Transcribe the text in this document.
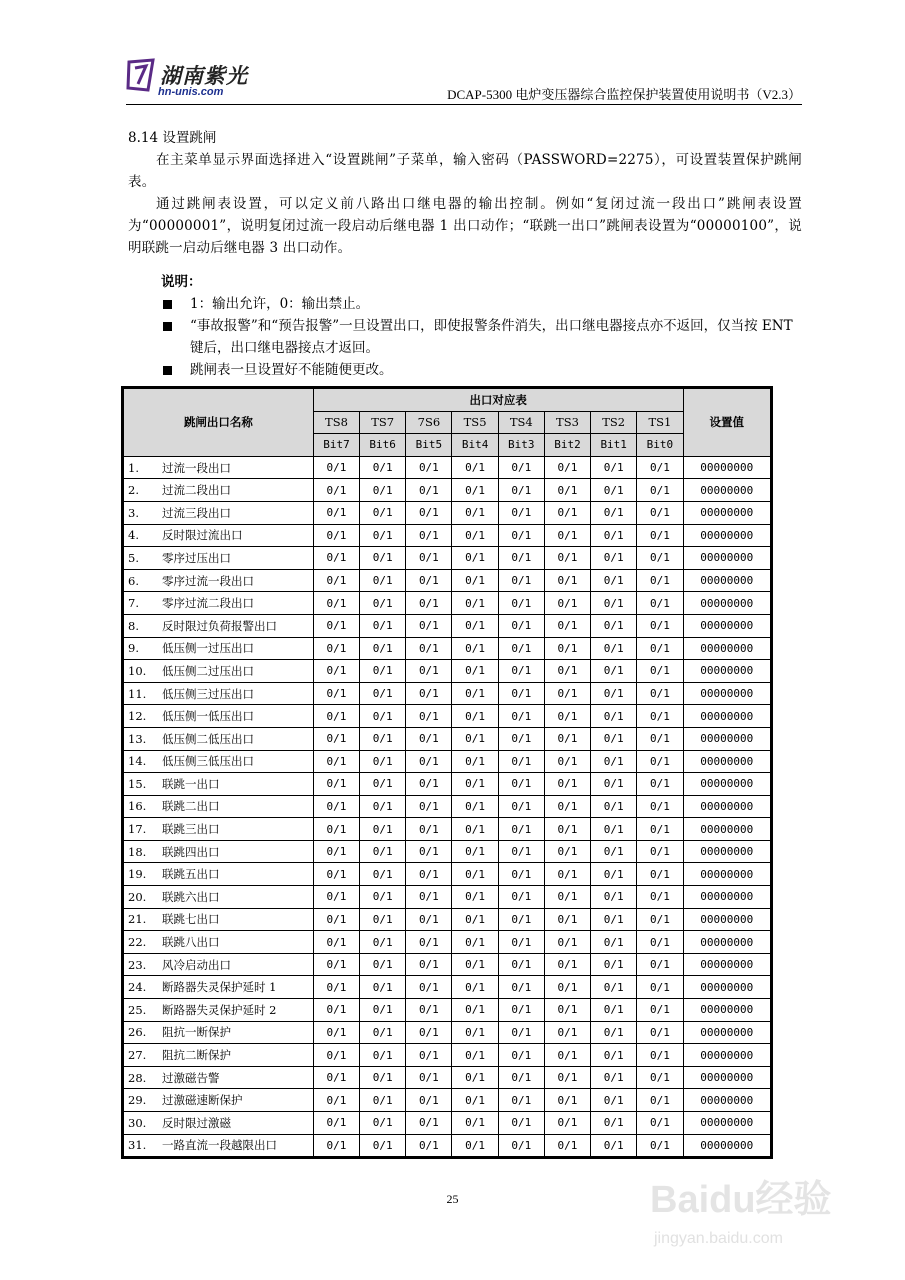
湖南紫光
hn-unis.com	DCAP-5300 电炉变压器综合监控保护装置使用说明书（V2.3）

8.14 设置跳闸

在主菜单显示界面选择进入“设置跳闸”子菜单，输入密码（PASSWORD=2275），可设置装置保护跳闸表。

通过跳闸表设置，可以定义前八路出口继电器的输出控制。例如“复闭过流一段出口”跳闸表设置为“00000001”，说明复闭过流一段启动后继电器 1 出口动作；“联跳一出口”跳闸表设置为“00000100”，说明联跳一启动后继电器 3 出口动作。

说明：

1：输出允许，0：输出禁止。
“事故报警”和“预告报警”一旦设置出口，即使报警条件消失，出口继电器接点亦不返回，仅当按 ENT 键后，出口继电器接点才返回。
跳闸表一旦设置好不能随便更改。
跳闸出口名称	出口对应表								设置值
	TS8	TS7	7S6	TS5	TS4	TS3	TS2	TS1	
	Bit7	Bit6	Bit5	Bit4	Bit3	Bit2	Bit1	Bit0	
1. 过流一段出口	0/1	0/1	0/1	0/1	0/1	0/1	0/1	0/1	00000000
2. 过流二段出口	0/1	0/1	0/1	0/1	0/1	0/1	0/1	0/1	00000000
3. 过流三段出口	0/1	0/1	0/1	0/1	0/1	0/1	0/1	0/1	00000000
4. 反时限过流出口	0/1	0/1	0/1	0/1	0/1	0/1	0/1	0/1	00000000
5. 零序过压出口	0/1	0/1	0/1	0/1	0/1	0/1	0/1	0/1	00000000
6. 零序过流一段出口	0/1	0/1	0/1	0/1	0/1	0/1	0/1	0/1	00000000
7. 零序过流二段出口	0/1	0/1	0/1	0/1	0/1	0/1	0/1	0/1	00000000
8. 反时限过负荷报警出口	0/1	0/1	0/1	0/1	0/1	0/1	0/1	0/1	00000000
9. 低压侧一过压出口	0/1	0/1	0/1	0/1	0/1	0/1	0/1	0/1	00000000
10. 低压侧二过压出口	0/1	0/1	0/1	0/1	0/1	0/1	0/1	0/1	00000000
11. 低压侧三过压出口	0/1	0/1	0/1	0/1	0/1	0/1	0/1	0/1	00000000
12. 低压侧一低压出口	0/1	0/1	0/1	0/1	0/1	0/1	0/1	0/1	00000000
13. 低压侧二低压出口	0/1	0/1	0/1	0/1	0/1	0/1	0/1	0/1	00000000
14. 低压侧三低压出口	0/1	0/1	0/1	0/1	0/1	0/1	0/1	0/1	00000000
15. 联跳一出口	0/1	0/1	0/1	0/1	0/1	0/1	0/1	0/1	00000000
16. 联跳二出口	0/1	0/1	0/1	0/1	0/1	0/1	0/1	0/1	00000000
17. 联跳三出口	0/1	0/1	0/1	0/1	0/1	0/1	0/1	0/1	00000000
18. 联跳四出口	0/1	0/1	0/1	0/1	0/1	0/1	0/1	0/1	00000000
19. 联跳五出口	0/1	0/1	0/1	0/1	0/1	0/1	0/1	0/1	00000000
20. 联跳六出口	0/1	0/1	0/1	0/1	0/1	0/1	0/1	0/1	00000000
21. 联跳七出口	0/1	0/1	0/1	0/1	0/1	0/1	0/1	0/1	00000000
22. 联跳八出口	0/1	0/1	0/1	0/1	0/1	0/1	0/1	0/1	00000000
23. 风冷启动出口	0/1	0/1	0/1	0/1	0/1	0/1	0/1	0/1	00000000
24. 断路器失灵保护延时 1	0/1	0/1	0/1	0/1	0/1	0/1	0/1	0/1	00000000
25. 断路器失灵保护延时 2	0/1	0/1	0/1	0/1	0/1	0/1	0/1	0/1	00000000
26. 阻抗一断保护	0/1	0/1	0/1	0/1	0/1	0/1	0/1	0/1	00000000
27. 阻抗二断保护	0/1	0/1	0/1	0/1	0/1	0/1	0/1	0/1	00000000
28. 过激磁告警	0/1	0/1	0/1	0/1	0/1	0/1	0/1	0/1	00000000
29. 过激磁速断保护	0/1	0/1	0/1	0/1	0/1	0/1	0/1	0/1	00000000
30. 反时限过激磁	0/1	0/1	0/1	0/1	0/1	0/1	0/1	0/1	00000000
31. 一路直流一段越限出口	0/1	0/1	0/1	0/1	0/1	0/1	0/1	0/1	00000000
25	Baidu经验
jingyan.baidu.com
